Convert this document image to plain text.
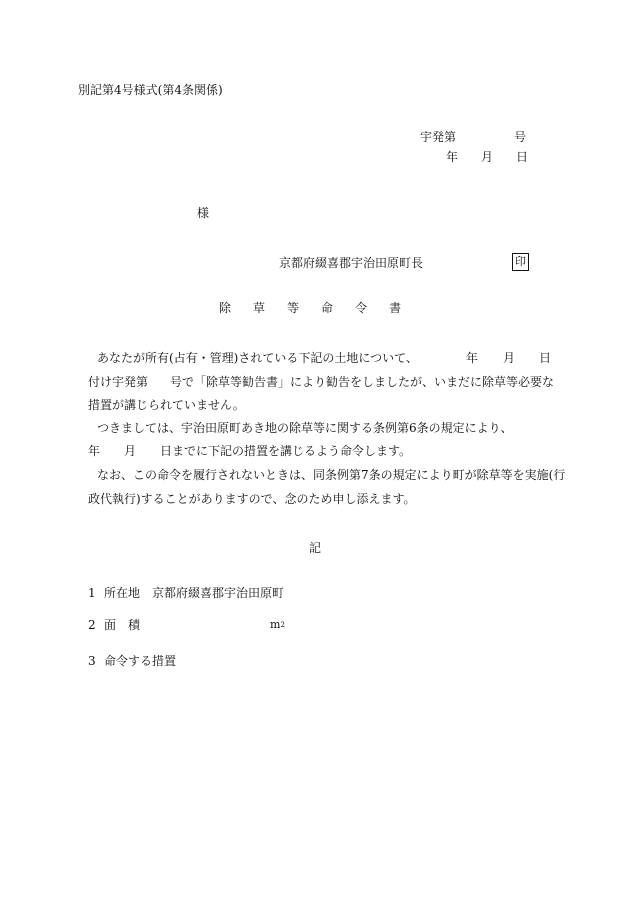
別記第4号様式(第4条関係)
宇発第	号
年 月 日
様
京都府綴喜郡宇治田原町長	印
除 草 等 命 令 書
あなたが所有(占有・管理)されている下記の土地について、	年 月 日
付け宇発第 号で「除草等勧告書」により勧告をしましたが、いまだに除草等必要な
措置が講じられていません。
つきましては、宇治田原町あき地の除草等に関する条例第6条の規定により、
年 月 日までに下記の措置を講じるよう命令します。
なお、この命令を履行されないときは、同条例第7条の規定により町が除草等を実施(行
政代執行)することがありますので、念のため申し添えます。
記
1 所在地 京都府綴喜郡宇治田原町
2 面 積	$m^2$
3 命令する措置
